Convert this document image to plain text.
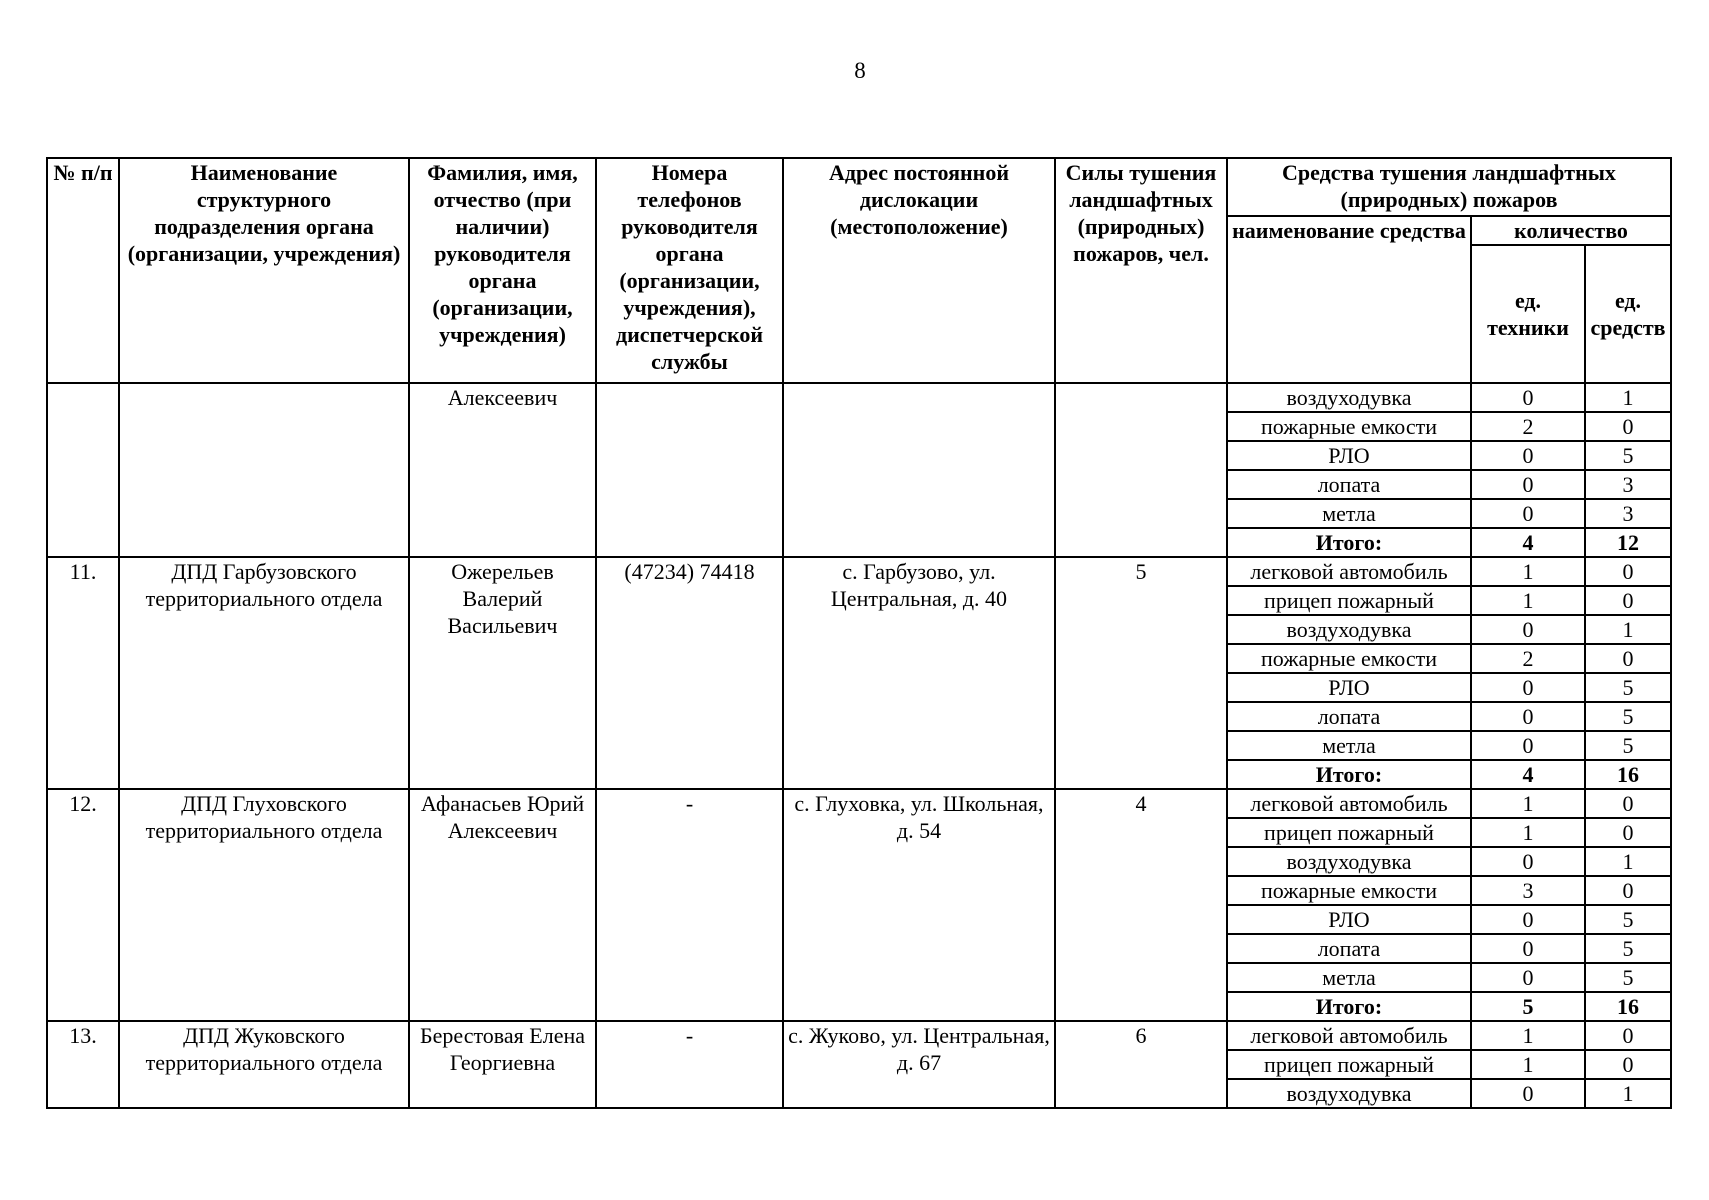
8
№ п/п	Наименование структурного подразделения органа (организации, учреждения)	Фамилия, имя, отчество (при наличии) руководителя органа (организации, учреждения)	Номера телефонов руководителя органа (организации, учреждения), диспетчерской службы	Адрес постоянной дислокации (местоположение)	Силы тушения ландшафтных (природных) пожаров, чел.	Средства тушения ландшафтных (природных) пожаров		
						наименование средства	количество	
							ед. техники	ед. средств
		Алексеевич				воздуходувка	0	1
						пожарные емкости	2	0
						РЛО	0	5
						лопата	0	3
						метла	0	3
						Итого:	4	12
11.	ДПД Гарбузовского территориального отдела	Ожерельев Валерий Васильевич	(47234) 74418	с. Гарбузово, ул. Центральная, д. 40	5	легковой автомобиль	1	0
						прицеп пожарный	1	0
						воздуходувка	0	1
						пожарные емкости	2	0
						РЛО	0	5
						лопата	0	5
						метла	0	5
						Итого:	4	16
12.	ДПД Глуховского территориального отдела	Афанасьев Юрий Алексеевич	-	с. Глуховка, ул. Школьная, д. 54	4	легковой автомобиль	1	0
						прицеп пожарный	1	0
						воздуходувка	0	1
						пожарные емкости	3	0
						РЛО	0	5
						лопата	0	5
						метла	0	5
						Итого:	5	16
13.	ДПД Жуковского территориального отдела	Берестовая Елена Георгиевна	-	с. Жуково, ул. Центральная, д. 67	6	легковой автомобиль	1	0
						прицеп пожарный	1	0
						воздуходувка	0	1
